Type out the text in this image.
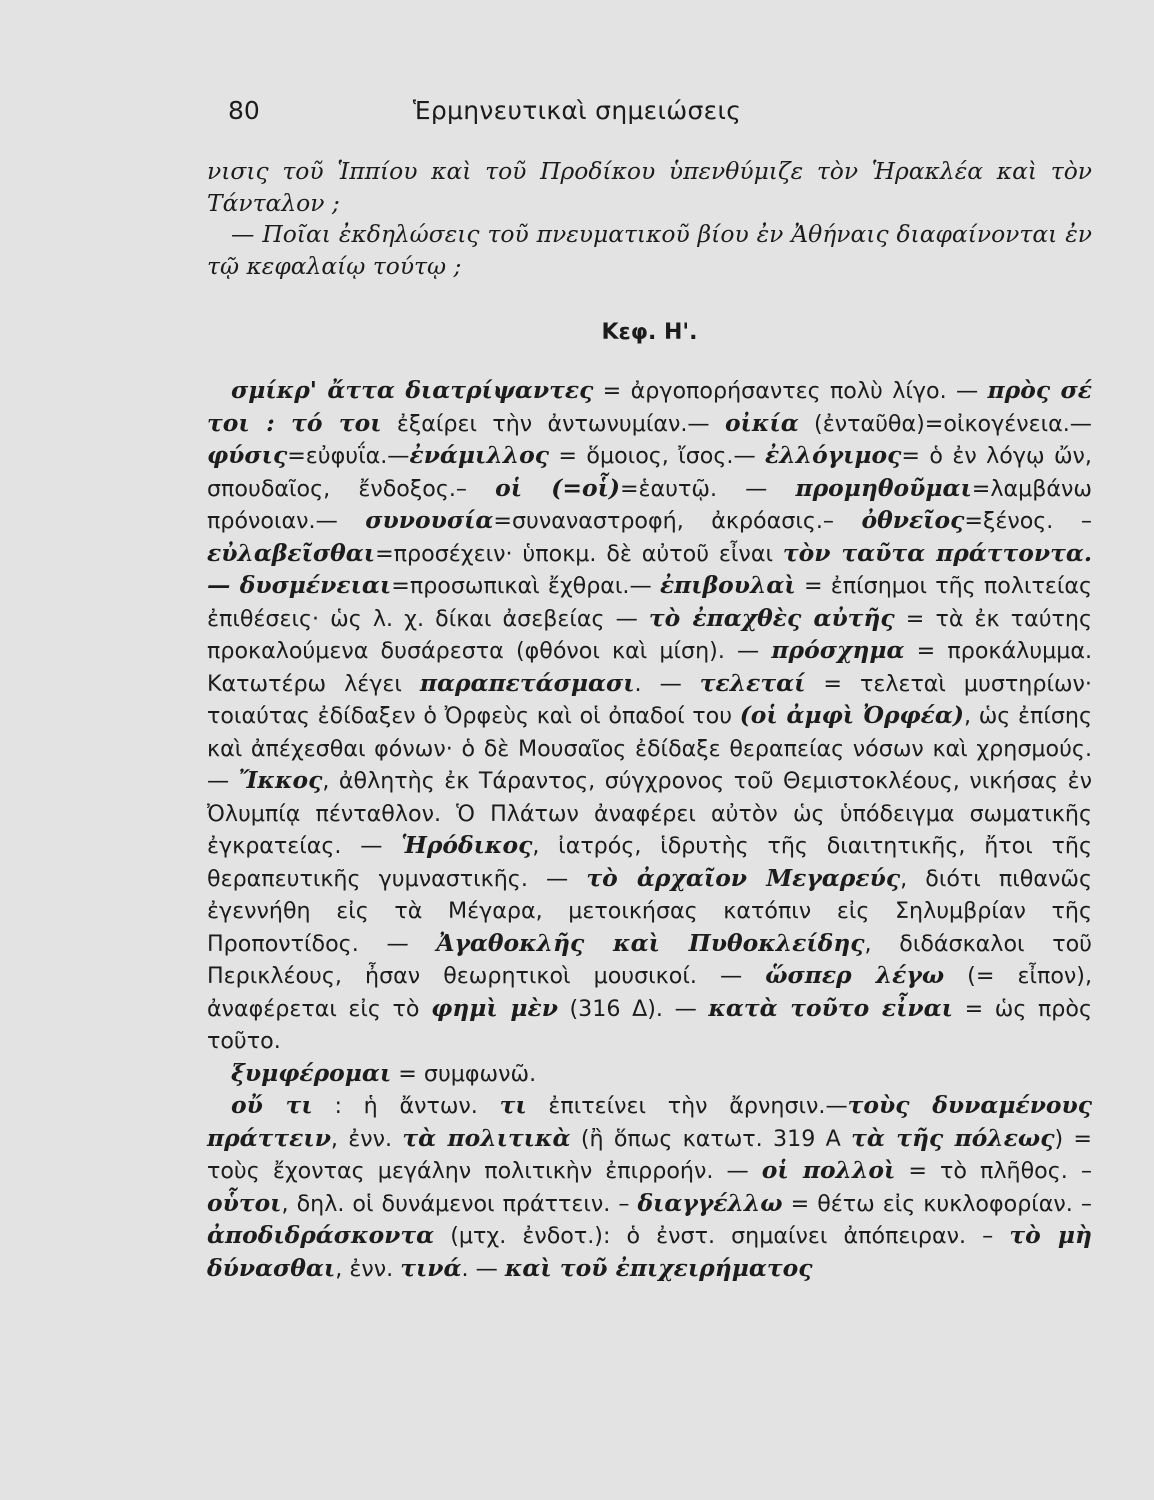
80	Ἑρμηνευτικαὶ σημειώσεις

νισις τοῦ Ἱππίου καὶ τοῦ Προδίκου ὑπενθύμιζε τὸν Ἡρακλέα καὶ τὸν Τάνταλον ;

— Ποῖαι ἐκδηλώσεις τοῦ πνευματικοῦ βίου ἐν Ἀθήναις διαφαίνονται ἐν τῷ κεφαλαίῳ τούτῳ ;

Κεφ. Η'.

σμίκρ' ἄττα διατρίψαντες = ἀργοπορήσαντες πολὺ λίγο. — πρὸς σέ τοι : τό τοι ἐξαίρει τὴν ἀντωνυμίαν.— οἰκία (ἐνταῦθα)=οἰκογένεια.— φύσις=εὐφυΐα.—ἐνάμιλλος = ὅμοιος, ἴσος.— ἐλλόγιμος= ὁ ἐν λόγῳ ὤν, σπουδαῖος, ἔνδοξος.– οἱ (=οἷ)=ἑαυτῷ. — προμηθοῦμαι=λαμβάνω πρόνοιαν.— συνουσία=συναναστροφή, ἀκρόασις.– ὀθνεῖος=ξένος. – εὐλαβεῖσθαι=προσέχειν· ὑποκμ. δὲ αὐτοῦ εἶναι τὸν ταῦτα πράττοντα.— δυσμένειαι=προσωπικαὶ ἔχθραι.— ἐπιβουλαὶ = ἐπίσημοι τῆς πολιτείας ἐπιθέσεις· ὡς λ. χ. δίκαι ἀσεβείας — τὸ ἐπαχθὲς αὐτῆς = τὰ ἐκ ταύτης προκαλούμενα δυσάρεστα (φθόνοι καὶ μίση). — πρόσχημα = προκάλυμμα. Κατωτέρω λέγει παραπετάσμασι. — τελεταί = τελεταὶ μυστηρίων· τοιαύτας ἐδίδαξεν ὁ Ὀρφεὺς καὶ οἱ ὀπαδοί του (οἱ ἀμφὶ Ὀρφέα), ὡς ἐπίσης καὶ ἀπέχεσθαι φόνων· ὁ δὲ Μουσαῖος ἐδίδαξε θεραπείας νόσων καὶ χρησμούς.— Ἴκκος, ἀθλητὴς ἐκ Τάραντος, σύγχρονος τοῦ Θεμιστοκλέους, νικήσας ἐν Ὀλυμπίᾳ πένταθλον. Ὁ Πλάτων ἀναφέρει αὐτὸν ὡς ὑπόδειγμα σωματικῆς ἐγκρατείας. — Ἡρόδικος, ἰατρός, ἱδρυτὴς τῆς διαιτητικῆς, ἤτοι τῆς θεραπευτικῆς γυμναστικῆς. — τὸ ἀρχαῖον Μεγαρεύς, διότι πιθανῶς ἐγεννήθη εἰς τὰ Μέγαρα, μετοικήσας κατόπιν εἰς Σηλυμβρίαν τῆς Προποντίδος. — Ἀγαθοκλῆς καὶ Πυθοκλείδης, διδάσκαλοι τοῦ Περικλέους, ἦσαν θεωρητικοὶ μουσικοί. — ὥσπερ λέγω (= εἶπον), ἀναφέρεται εἰς τὸ φημὶ μὲν (316 Δ). — κατὰ τοῦτο εἶναι = ὡς πρὸς τοῦτο.

ξυμφέρομαι = συμφωνῶ.

οὔ τι : ἡ ἄντων. τι ἐπιτείνει τὴν ἄρνησιν.—τοὺς δυναμένους πράττειν, ἐνν. τὰ πολιτικὰ (ἢ ὅπως κατωτ. 319 Α τὰ τῆς πόλεως) = τοὺς ἔχοντας μεγάλην πολιτικὴν ἐπιρροήν. — οἱ πολλοὶ = τὸ πλῆθος. – οὗτοι, δηλ. οἱ δυνάμενοι πράττειν. – διαγγέλλω = θέτω εἰς κυκλοφορίαν. – ἀποδιδράσκοντα (μτχ. ἐνδοτ.): ὁ ἐνστ. σημαίνει ἀπόπειραν. – τὸ μὴ δύνασθαι, ἐνν. τινά. — καὶ τοῦ ἐπιχειρήματος
